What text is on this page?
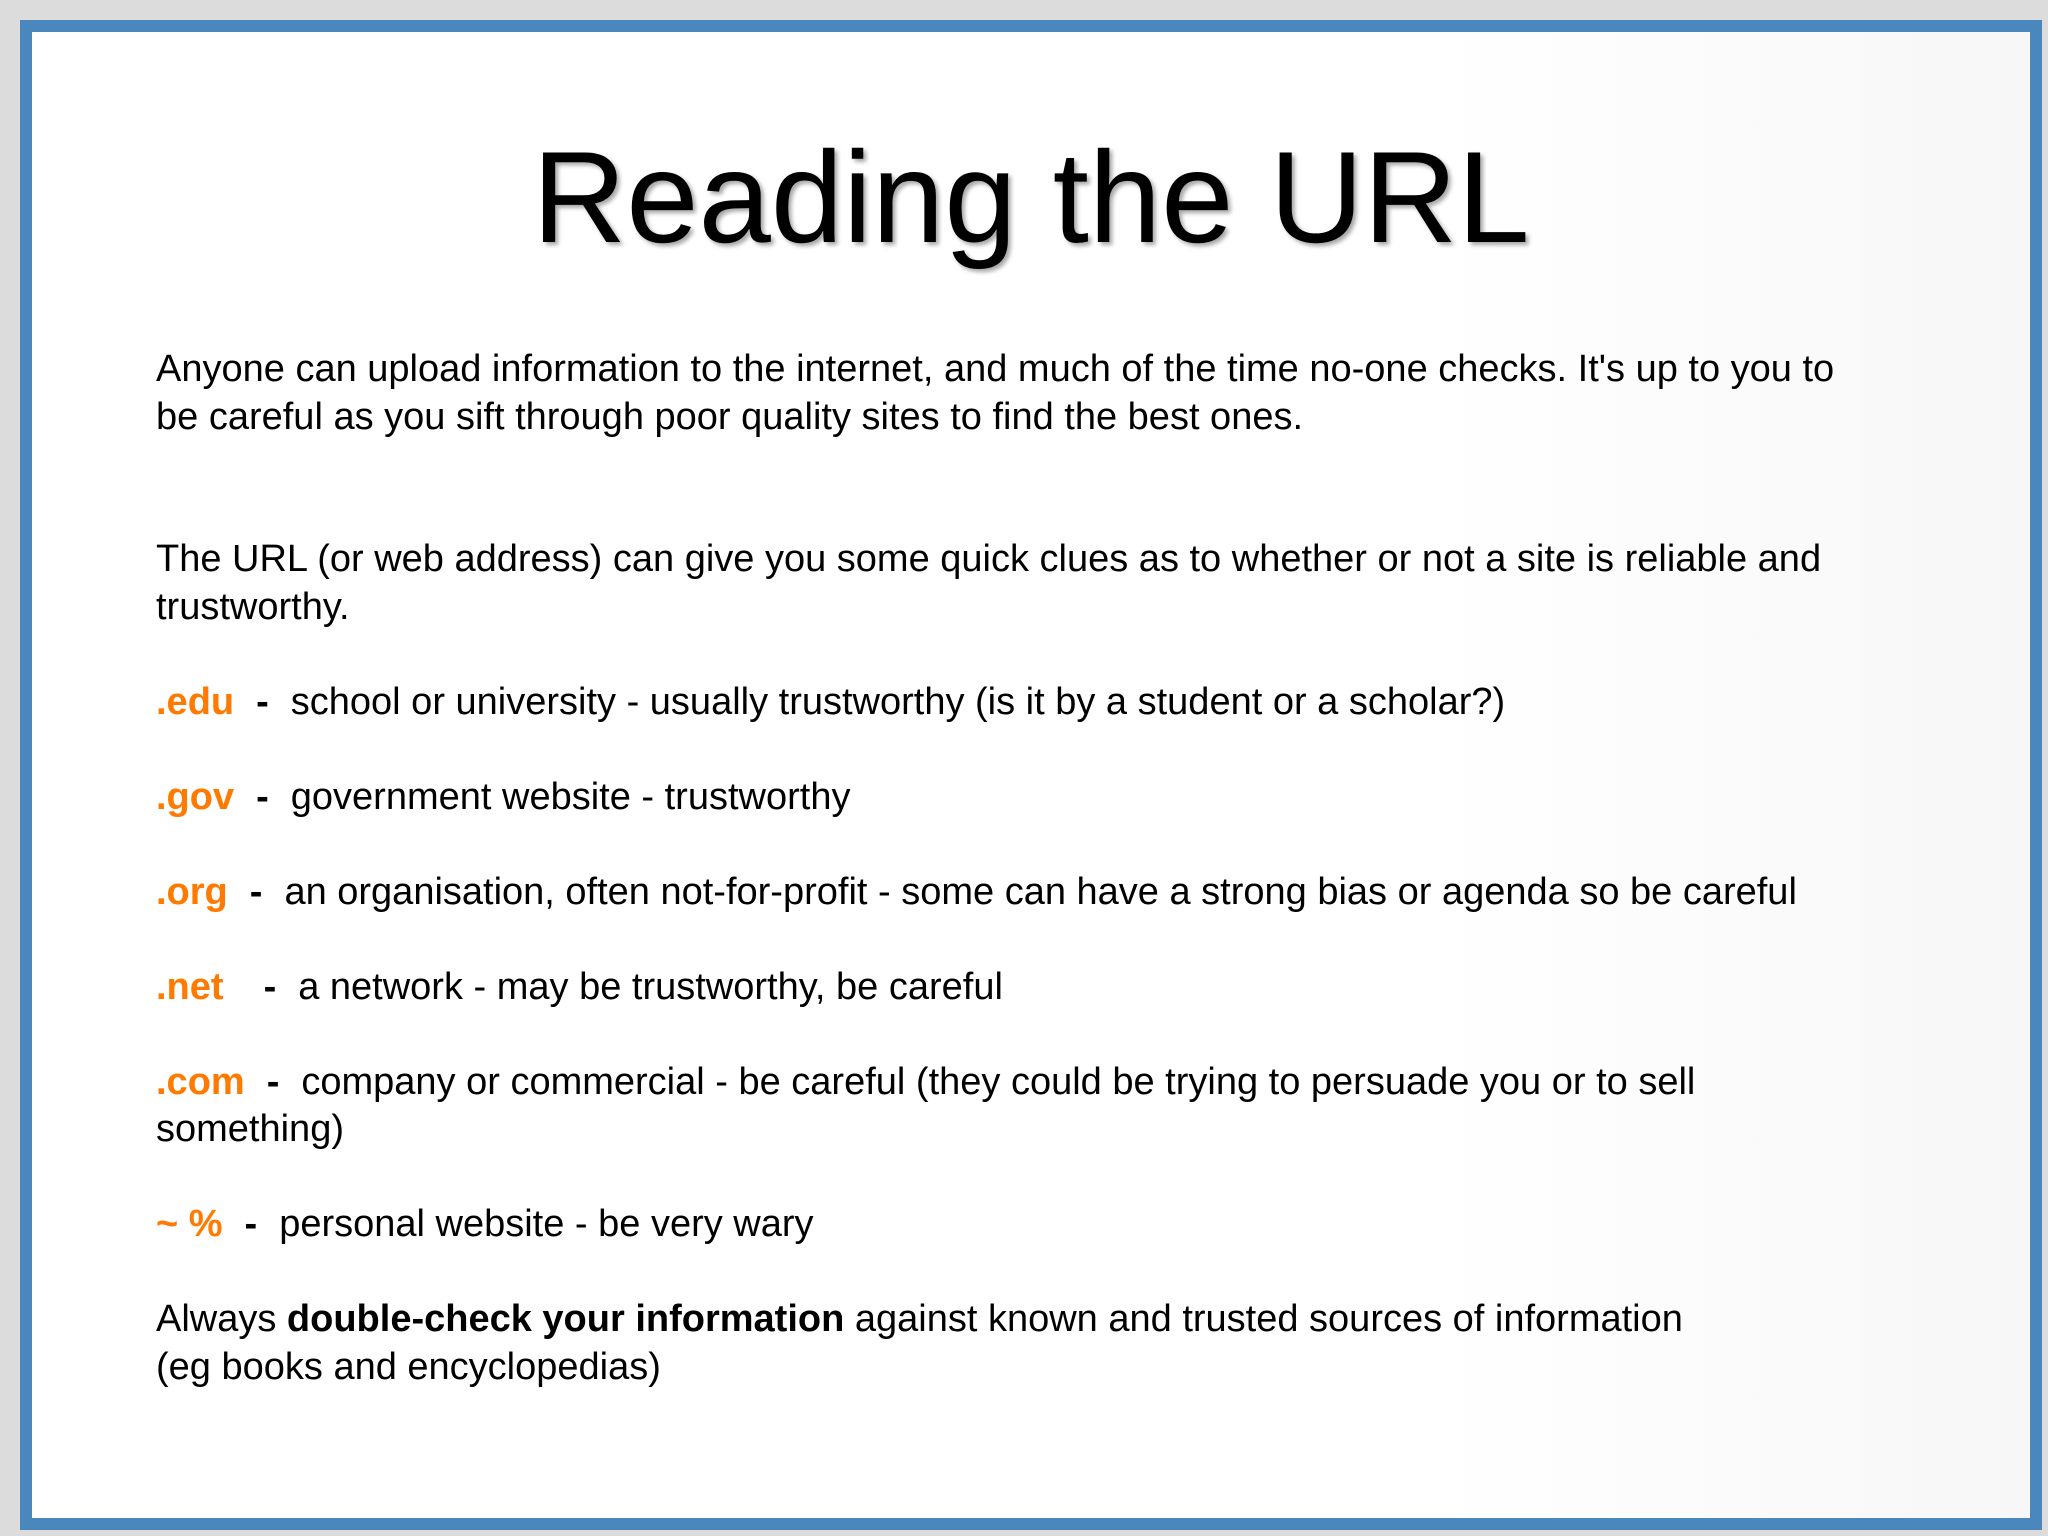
Reading the URL

Anyone can upload information to the internet, and much of the time no-one checks. It's up to you to
be careful as you sift through poor quality sites to find the best ones.

The URL (or web address) can give you some quick clues as to whether or not a site is reliable and
trustworthy.

.edu - school or university - usually trustworthy (is it by a student or a scholar?)

.gov - government website - trustworthy

.org - an organisation, often not-for-profit - some can have a strong bias or agenda so be careful

.net - a network - may be trustworthy, be careful

.com - company or commercial - be careful (they could be trying to persuade you or to sell
something)

~ % - personal website - be very wary

Always double-check your information against known and trusted sources of information
(eg books and encyclopedias)
